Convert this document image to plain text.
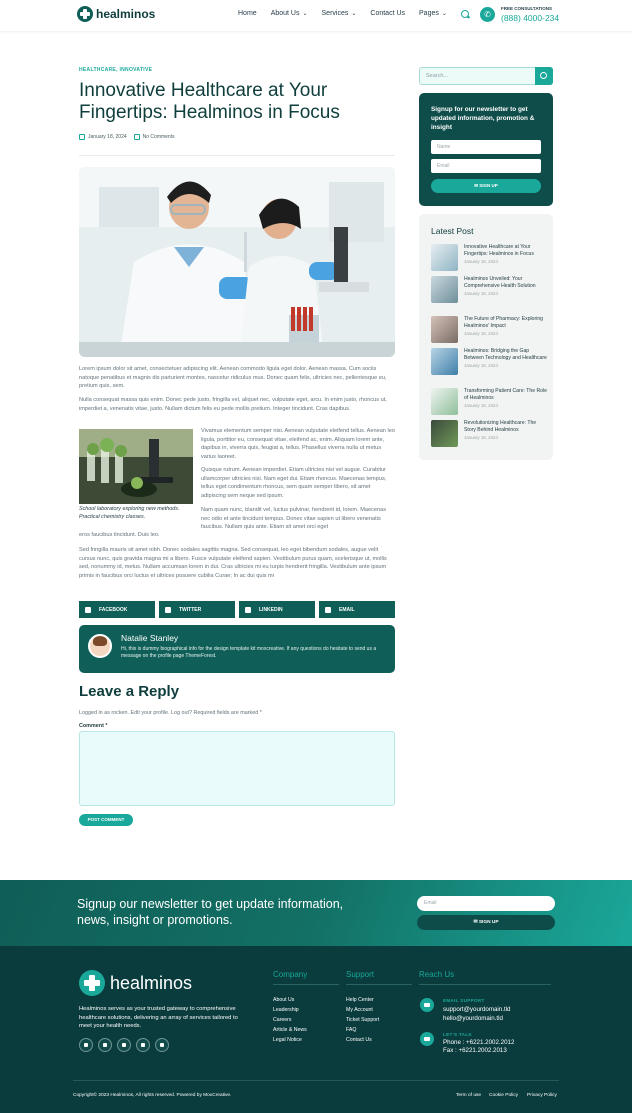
healminos	Home About Us ⌄ Services ⌄ Contact Us Pages ⌄	✆
FREE CONSULTATIONS
(888) 4000-234
HEALTHCARE, INNOVATIVE
Innovative Healthcare at Your Fingertips: Healminos in Focus
January 18, 2024	No Comments

Lorem ipsum dolor sit amet, consectetuer adipiscing elit. Aenean commodo ligula eget dolor. Aenean massa. Cum sociis natoque penatibus et magnis dis parturient montes, nascetur ridiculus mus. Donec quam felis, ultricies nec, pellentesque eu, pretium quis, sem.

Nulla consequat massa quis enim. Donec pede justo, fringilla vel, aliquet nec, vulputate eget, arcu. In enim justo, rhoncus ut, imperdiet a, venenatis vitae, justo. Nullam dictum felis eu pede mollis pretium. Integer tincidunt. Cras dapibus.

School laboratory exploring new methods. Practical chemistry classes.

Vivamus elementum semper nisi. Aenean vulputate eleifend tellus. Aenean leo ligula, porttitor eu, consequat vitae, eleifend ac, enim. Aliquam lorem ante, dapibus in, viverra quis, feugiat a, tellus. Phasellus viverra nulla ut metus varius laoreet.

Quisque rutrum. Aenean imperdiet. Etiam ultricies nisi vel augue. Curabitur ullamcorper ultricies nisi. Nam eget dui. Etiam rhoncus. Maecenas tempus, tellus eget condimentum rhoncus, sem quam semper libero, sit amet adipiscing sem neque sed ipsum.

Nam quam nunc, blandit vel, luctus pulvinar, hendrerit id, lorem. Maecenas nec odio et ante tincidunt tempus. Donec vitae sapien ut libero venenatis faucibus. Nullam quis ante. Etiam sit amet orci eget

eros faucibus tincidunt. Duis leo.

Sed fringilla mauris sit amet nibh. Donec sodales sagittis magna. Sed consequat, leo eget bibendum sodales, augue velit cursus nunc, quis gravida magna mi a libero. Fusce vulputate eleifend sapien. Vestibulum purus quam, scelerisque ut, mollis sed, nonummy id, metus. Nullam accumsan lorem in dui. Cras ultricies mi eu turpis hendrerit fringilla. Vestibulum ante ipsum primis in faucibus orci luctus et ultrices posuere cubilia Curae; In ac dui quis mi

FACEBOOK	TWITTER	LINKEDIN	EMAIL
Natalie Stanley
Hi, this is dummy biographical info for the design template kit moxcreative. If any questions do hesitate to send us a message on the profile page ThemeForest.
Leave a Reply
Logged in as rocken. Edit your profile. Log out? Required fields are marked *
Comment *
POST COMMENT
Search...
Signup for our newsletter to get updated information, promotion & insight
Name
Email
✉ SIGN UP
Latest Post
Innovative Healthcare at Your Fingertips: Healminos in Focus
January 18, 2024
Healminos Unveiled: Your Comprehensive Health Solution
January 18, 2024
The Future of Pharmacy: Exploring Healminos' Impact
January 18, 2024
Healminos: Bridging the Gap Between Technology and Healthcare
January 18, 2024
Transforming Patient Care: The Role of Healminos
January 18, 2024
Revolutionizing Healthcare: The Story Behind Healminos
January 18, 2024
Signup our newsletter to get update information, news, insight or promotions.
Email
✉ SIGN UP
healminos
Healminos serves as your trusted gateway to comprehensive healthcare solutions, delivering an array of services tailored to meet your health needs.
Company
About Us
Leadership
Careers
Article & News
Legal Notice
Support
Help Center
My Account
Ticket Support
FAQ
Contact Us
Reach Us
EMAIL SUPPORT
support@yourdomain.tld
hello@yourdomain.tld
LET'S TALK
Phone : +6221.2002.2012
Fax : +6221.2002.2013
Copyright© 2023 Healminos, All rights reserved. Powered by MoxCreative.	Term of use Cookie Policy Privacy Policy
